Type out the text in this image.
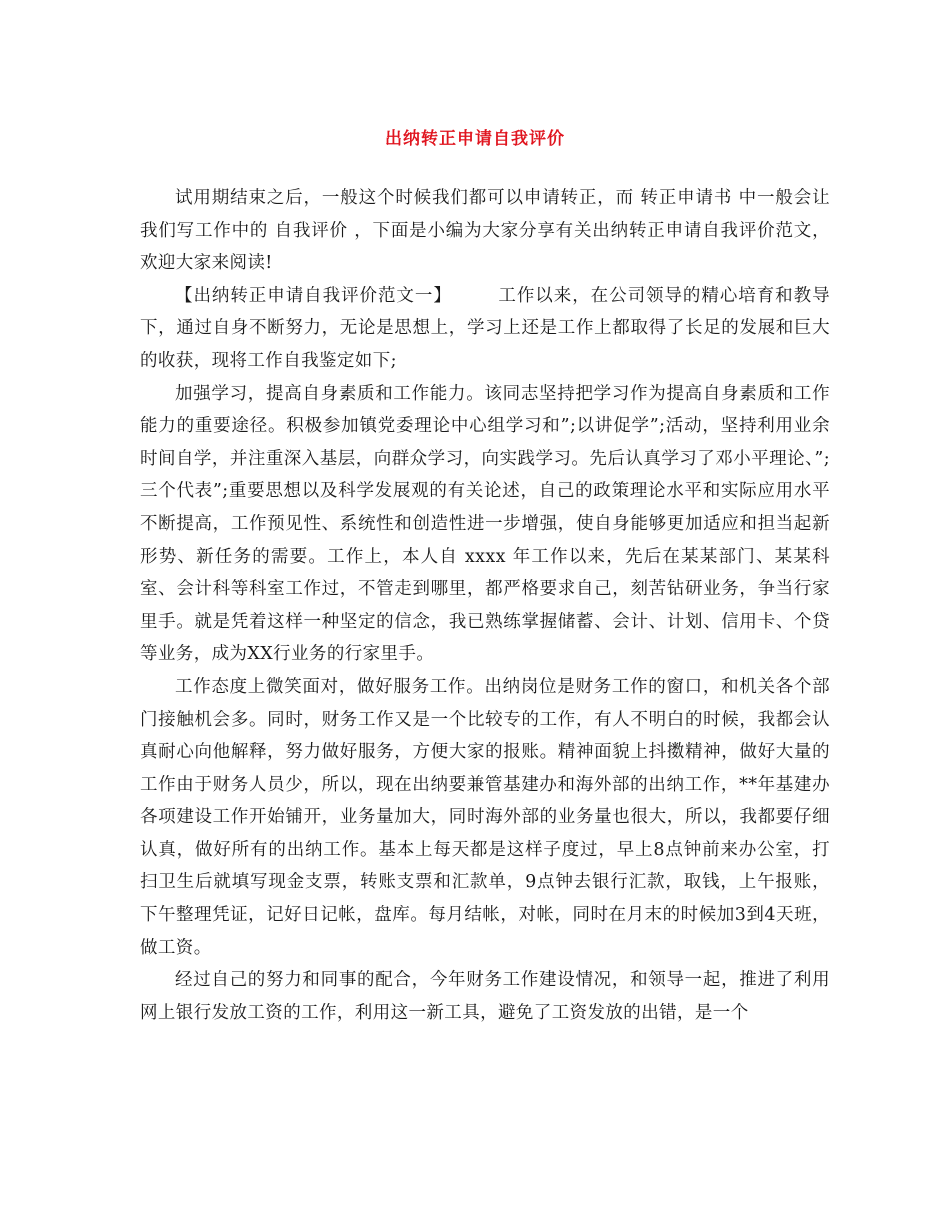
出纳转正申请自我评价

试用期结束之后，一般这个时候我们都可以申请转正，而 转正申请书 中一般会让我们写工作中的 自我评价 ，下面是小编为大家分享有关出纳转正申请自我评价范文，欢迎大家来阅读!

【出纳转正申请自我评价范文一】　　　工作以来，在公司领导的精心培育和教导下，通过自身不断努力，无论是思想上，学习上还是工作上都取得了长足的发展和巨大的收获，现将工作自我鉴定如下;

加强学习，提高自身素质和工作能力。该同志坚持把学习作为提高自身素质和工作能力的重要途径。积极参加镇党委理论中心组学习和”;以讲促学”;活动，坚持利用业余时间自学，并注重深入基层，向群众学习，向实践学习。先后认真学习了邓小平理论、”;三个代表”;重要思想以及科学发展观的有关论述，自己的政策理论水平和实际应用水平不断提高，工作预见性、系统性和创造性进一步增强，使自身能够更加适应和担当起新形势、新任务的需要。工作上，本人自 xxxx 年工作以来，先后在某某部门、某某科室、会计科等科室工作过，不管走到哪里，都严格要求自己，刻苦钻研业务，争当行家里手。就是凭着这样一种坚定的信念，我已熟练掌握储蓄、会计、计划、信用卡、个贷等业务，成为XX行业务的行家里手。

工作态度上微笑面对，做好服务工作。出纳岗位是财务工作的窗口，和机关各个部门接触机会多。同时，财务工作又是一个比较专的工作，有人不明白的时候，我都会认真耐心向他解释，努力做好服务，方便大家的报账。精神面貌上抖擞精神，做好大量的工作由于财务人员少，所以，现在出纳要兼管基建办和海外部的出纳工作，**年基建办各项建设工作开始铺开，业务量加大，同时海外部的业务量也很大，所以，我都要仔细认真，做好所有的出纳工作。基本上每天都是这样子度过，早上8点钟前来办公室，打扫卫生后就填写现金支票，转账支票和汇款单，9点钟去银行汇款，取钱，上午报账，下午整理凭证，记好日记帐，盘库。每月结帐，对帐，同时在月末的时候加3到4天班，做工资。

经过自己的努力和同事的配合，今年财务工作建设情况，和领导一起，推进了利用网上银行发放工资的工作，利用这一新工具，避免了工资发放的出错，是一个
